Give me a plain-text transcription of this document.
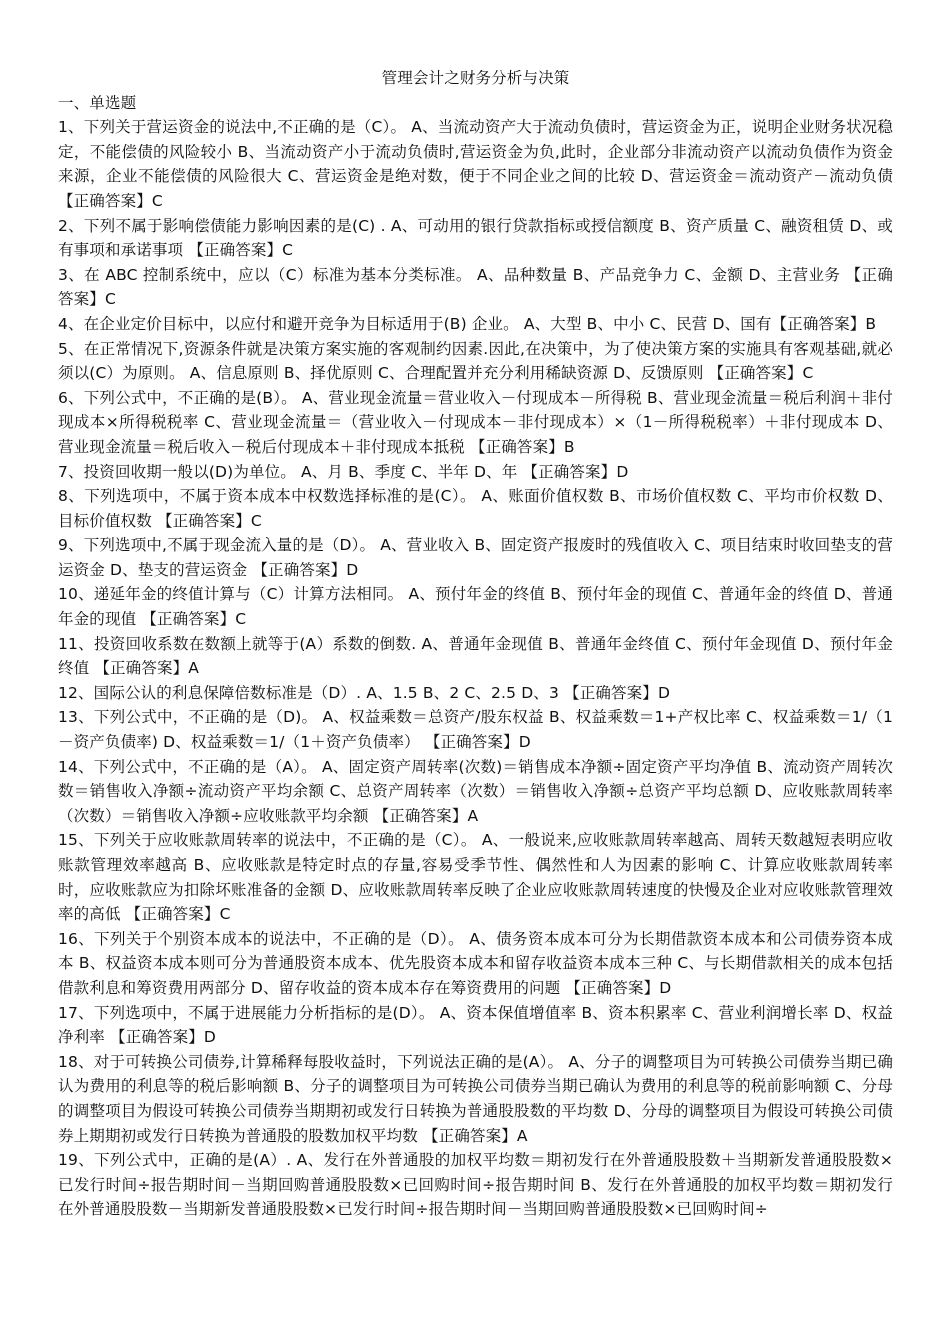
管理会计之财务分析与决策

一、单选题

1、下列关于营运资金的说法中,不正确的是（C）。 A、当流动资产大于流动负债时，营运资金为正，说明企业财务状况稳定，不能偿债的风险较小 B、当流动资产小于流动负债时,营运资金为负,此时，企业部分非流动资产以流动负债作为资金来源，企业不能偿债的风险很大 C、营运资金是绝对数，便于不同企业之间的比较 D、营运资金＝流动资产－流动负债 【正确答案】C

2、下列不属于影响偿债能力影响因素的是(C) . A、可动用的银行贷款指标或授信额度 B、资产质量 C、融资租赁 D、或有事项和承诺事项 【正确答案】C

3、在 ABC 控制系统中，应以（C）标准为基本分类标准。 A、品种数量 B、产品竞争力 C、金额 D、主营业务 【正确答案】C

4、在企业定价目标中，以应付和避开竞争为目标适用于(B) 企业。 A、大型 B、中小 C、民营 D、国有【正确答案】B

5、在正常情况下,资源条件就是决策方案实施的客观制约因素.因此,在决策中，为了使决策方案的实施具有客观基础,就必须以(C）为原则。 A、信息原则 B、择优原则 C、合理配置并充分利用稀缺资源 D、反馈原则 【正确答案】C

6、下列公式中，不正确的是(B）。 A、营业现金流量＝营业收入－付现成本－所得税 B、营业现金流量＝税后利润＋非付现成本×所得税税率 C、营业现金流量＝（营业收入－付现成本－非付现成本）×（1－所得税税率）＋非付现成本 D、营业现金流量＝税后收入－税后付现成本＋非付现成本抵税 【正确答案】B

7、投资回收期一般以(D)为单位。 A、月 B、季度 C、半年 D、年 【正确答案】D

8、下列选项中，不属于资本成本中权数选择标准的是(C）。 A、账面价值权数 B、市场价值权数 C、平均市价权数 D、目标价值权数 【正确答案】C

9、下列选项中,不属于现金流入量的是（D）。 A、营业收入 B、固定资产报废时的残值收入 C、项目结束时收回垫支的营运资金 D、垫支的营运资金 【正确答案】D

10、递延年金的终值计算与（C）计算方法相同。 A、预付年金的终值 B、预付年金的现值 C、普通年金的终值 D、普通年金的现值 【正确答案】C

11、投资回收系数在数额上就等于(A）系数的倒数. A、普通年金现值 B、普通年金终值 C、预付年金现值 D、预付年金终值 【正确答案】A

12、国际公认的利息保障倍数标准是（D）. A、1.5 B、2 C、2.5 D、3 【正确答案】D

13、下列公式中，不正确的是（D)。 A、权益乘数＝总资产/股东权益 B、权益乘数＝1+产权比率 C、权益乘数＝1/（1－资产负债率) D、权益乘数＝1/（1＋资产负债率） 【正确答案】D

14、下列公式中，不正确的是（A）。 A、固定资产周转率(次数)＝销售成本净额÷固定资产平均净值 B、流动资产周转次数＝销售收入净额÷流动资产平均余额 C、总资产周转率（次数）＝销售收入净额÷总资产平均总额 D、应收账款周转率（次数）＝销售收入净额÷应收账款平均余额 【正确答案】A

15、下列关于应收账款周转率的说法中，不正确的是（C）。 A、一般说来,应收账款周转率越高、周转天数越短表明应收账款管理效率越高 B、应收账款是特定时点的存量,容易受季节性、偶然性和人为因素的影响 C、计算应收账款周转率时，应收账款应为扣除坏账准备的金额 D、应收账款周转率反映了企业应收账款周转速度的快慢及企业对应收账款管理效率的高低 【正确答案】C

16、下列关于个别资本成本的说法中，不正确的是（D）。 A、债务资本成本可分为长期借款资本成本和公司债券资本成本 B、权益资本成本则可分为普通股资本成本、优先股资本成本和留存收益资本成本三种 C、与长期借款相关的成本包括借款利息和筹资费用两部分 D、留存收益的资本成本存在筹资费用的问题 【正确答案】D

17、下列选项中，不属于进展能力分析指标的是(D）。 A、资本保值增值率 B、资本积累率 C、营业利润增长率 D、权益净利率 【正确答案】D

18、对于可转换公司债券,计算稀释每股收益时，下列说法正确的是(A）。 A、分子的调整项目为可转换公司债券当期已确认为费用的利息等的税后影响额 B、分子的调整项目为可转换公司债券当期已确认为费用的利息等的税前影响额 C、分母的调整项目为假设可转换公司债券当期期初或发行日转换为普通股股数的平均数 D、分母的调整项目为假设可转换公司债券上期期初或发行日转换为普通股的股数加权平均数 【正确答案】A

19、下列公式中，正确的是(A）. A、发行在外普通股的加权平均数＝期初发行在外普通股股数＋当期新发普通股股数×已发行时间÷报告期时间－当期回购普通股股数×已回购时间÷报告期时间 B、发行在外普通股的加权平均数＝期初发行在外普通股股数－当期新发普通股股数×已发行时间÷报告期时间－当期回购普通股股数×已回购时间÷
